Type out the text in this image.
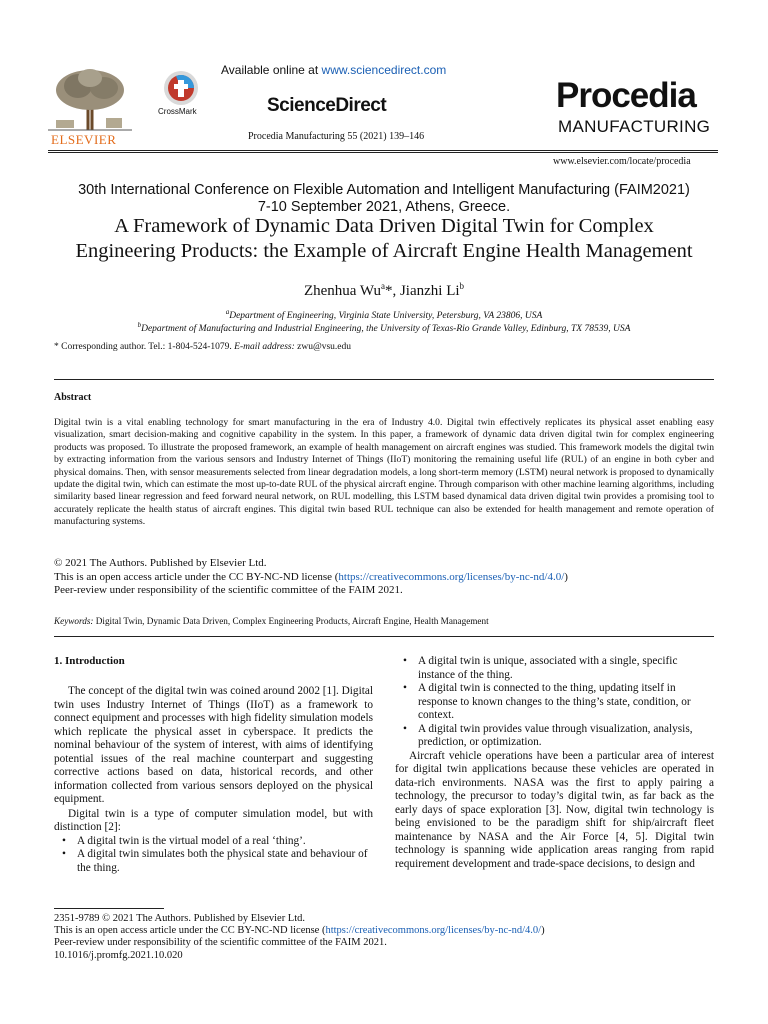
ELSEVIER
CrossMark
Available online at www.sciencedirect.com
ScienceDirect
Procedia Manufacturing 55 (2021) 139–146
Procedia
MANUFACTURING
www.elsevier.com/locate/procedia
30th International Conference on Flexible Automation and Intelligent Manufacturing (FAIM2021)
7-10 September 2021, Athens, Greece.
A Framework of Dynamic Data Driven Digital Twin for Complex
Engineering Products: the Example of Aircraft Engine Health Management
Zhenhua Wu$^a$*, Jianzhi Li$^b$
$^a$Department of Engineering, Virginia State University, Petersburg, VA 23806, USA
$^b$Department of Manufacturing and Industrial Engineering, the University of Texas-Rio Grande Valley, Edinburg, TX 78539, USA
* Corresponding author. Tel.: 1-804-524-1079. E-mail address: zwu@vsu.edu
Abstract
Digital twin is a vital enabling technology for smart manufacturing in the era of Industry 4.0. Digital twin effectively replicates its physical asset enabling easy visualization, smart decision-making and cognitive capability in the system. In this paper, a framework of dynamic data driven digital twin for complex engineering products was proposed. To illustrate the proposed framework, an example of health management on aircraft engines was studied. This framework models the digital twin by extracting information from the various sensors and Industry Internet of Things (IIoT) monitoring the remaining useful life (RUL) of an engine in both cyber and physical domains. Then, with sensor measurements selected from linear degradation models, a long short-term memory (LSTM) neural network is proposed to dynamically update the digital twin, which can estimate the most up-to-date RUL of the physical aircraft engine. Through comparison with other machine learning algorithms, including similarity based linear regression and feed forward neural network, on RUL modelling, this LSTM based dynamical data driven digital twin provides a promising tool to accurately replicate the health status of aircraft engines. This digital twin based RUL technique can also be extended for health management and remote operation of manufacturing systems.
© 2021 The Authors. Published by Elsevier Ltd.
This is an open access article under the CC BY-NC-ND license (https://creativecommons.org/licenses/by-nc-nd/4.0/)
Peer-review under responsibility of the scientific committee of the FAIM 2021.
Keywords: Digital Twin, Dynamic Data Driven, Complex Engineering Products, Aircraft Engine, Health Management
1. Introduction

The concept of the digital twin was coined around 2002 [1]. Digital twin uses Industry Internet of Things (IIoT) as a framework to connect equipment and processes with high fidelity simulation models which replicate the physical asset in cyberspace. It predicts the nominal behaviour of the system of interest, with aims of identifying potential issues of the real machine counterpart and suggesting corrective actions based on data, historical records, and other information collected from various sensors deployed on the physical equipment.

Digital twin is a type of computer simulation model, but with distinction [2]:

• A digital twin is the virtual model of a real ‘thing’.
• A digital twin simulates both the physical state and behaviour of the thing.
• A digital twin is unique, associated with a single, specific instance of the thing.
• A digital twin is connected to the thing, updating itself in response to known changes to the thing’s state, condition, or context.
• A digital twin provides value through visualization, analysis, prediction, or optimization.

Aircraft vehicle operations have been a particular area of interest for digital twin applications because these vehicles are operated in data-rich environments. NASA was the first to apply pairing a technology, the precursor to today’s digital twin, as far back as the early days of space exploration [3]. Now, digital twin technology is being envisioned to be the paradigm shift for ship/aircraft fleet maintenance by NASA and the Air Force [4, 5]. Digital twin technology is spanning wide application areas ranging from rapid requirement development and trade-space decisions, to design and

2351-9789 © 2021 The Authors. Published by Elsevier Ltd.
This is an open access article under the CC BY-NC-ND license (https://creativecommons.org/licenses/by-nc-nd/4.0/)
Peer-review under responsibility of the scientific committee of the FAIM 2021.
10.1016/j.promfg.2021.10.020
